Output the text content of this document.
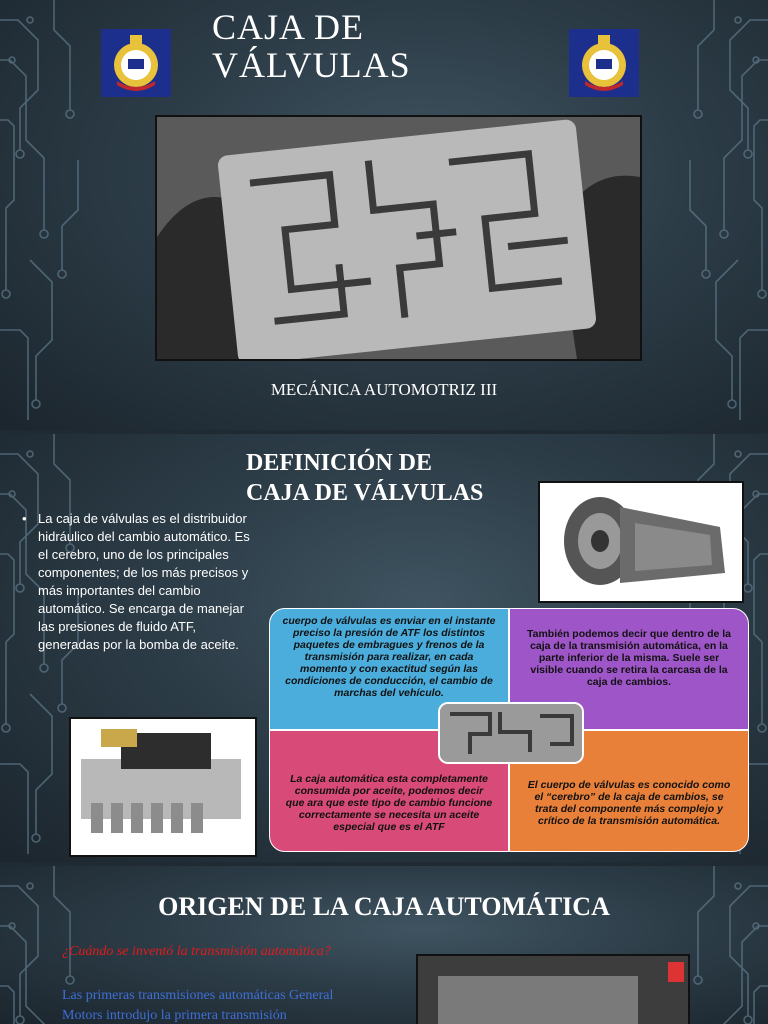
CAJA DE
VÁLVULAS
MECÁNICA AUTOMOTRIZ III
DEFINICIÓN DE
CAJA DE VÁLVULAS
• La caja de válvulas es el distribuidor hidráulico del cambio automático. Es el cerebro, uno de los principales componentes; de los más precisos y más importantes del cambio automático. Se encarga de manejar las presiones de fluido ATF, generadas por la bomba de aceite.
cuerpo de válvulas es enviar en el instante preciso la presión de ATF los distintos paquetes de embragues y frenos de la transmisión para realizar, en cada momento y con exactitud según las condiciones de conducción, el cambio de marchas del vehículo.
También podemos decir que dentro de la caja de la transmisión automática, en la parte inferior de la misma. Suele ser visible cuando se retira la carcasa de la caja de cambios.
La caja automática esta completamente consumida por aceite, podemos decir que ara que este tipo de cambio funcione correctamente se necesita un aceite especial que es el ATF
El cuerpo de válvulas es conocido como el “cerebro” de la caja de cambios, se trata del componente más complejo y crítico de la transmisión automática.
ORIGEN DE LA CAJA AUTOMÁTICA
¿Cuándo se inventó la transmisión automática?
Las primeras transmisiones automáticas General Motors introdujo la primera transmisión
